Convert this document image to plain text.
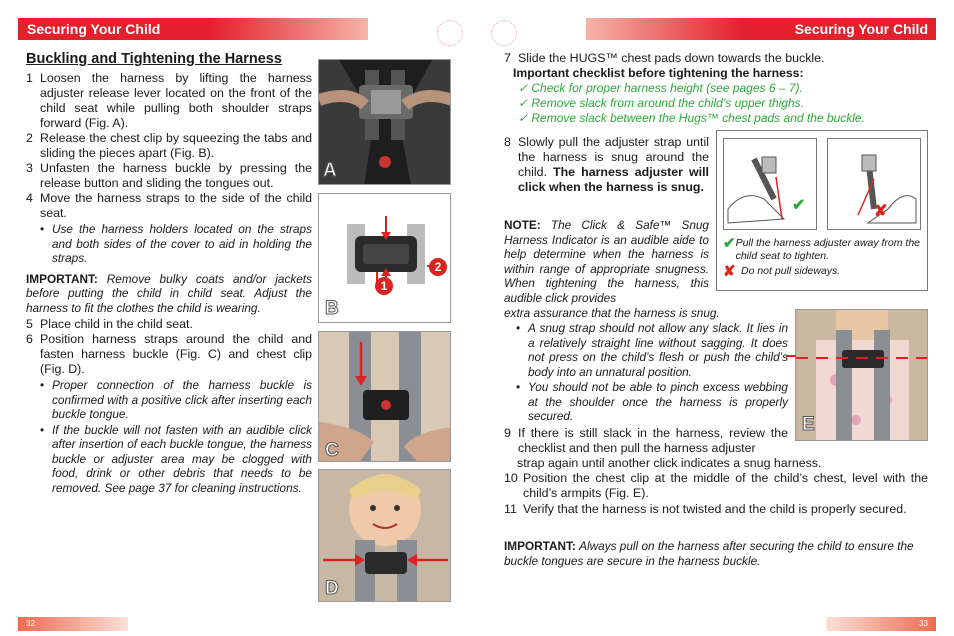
Securing Your Child	Securing Your Child
Buckling and Tightening the Harness
1 Loosen the harness by lifting the harness adjuster release lever located on the front of the child seat while pulling both shoulder straps forward (Fig. A).
2 Release the chest clip by squeezing the tabs and sliding the pieces apart (Fig. B).
3 Unfasten the harness buckle by pressing the release button and sliding the tongues out.
4 Move the harness straps to the side of the child seat.
• Use the harness holders located on the straps and both sides of the cover to aid in holding the straps.
IMPORTANT: Remove bulky coats and/or jackets before putting the child in child seat. Adjust the harness to fit the clothes the child is wearing.
5 Place child in the child seat.
6 Position harness straps around the child and fasten harness buckle (Fig. C) and chest clip (Fig. D).
• Proper connection of the harness buckle is confirmed with a positive click after inserting each buckle tongue.
• If the buckle will not fasten with an audible click after insertion of each buckle tongue, the harness buckle or adjuster area may be clogged with food, drink or other debris that needs to be removed. See page 37 for cleaning instructions.
A
1
2
B
C
D
7 Slide the HUGS™ chest pads down towards the buckle.
Important checklist before tightening the harness:
✓ Check for proper harness height (see pages 6 – 7).
✓ Remove slack from around the child’s upper thighs.
✓ Remove slack between the Hugs™ chest pads and the buckle.
8 Slowly pull the adjuster strap until the harness is snug around the child. The harness adjuster will click when the harness is snug.
NOTE: The Click & Safe™ Snug Harness Indicator is an audible aide to help determine when the harness is within range of appropriate snugness. When tightening the harness, this audible click provides
extra assurance that the harness is snug.
✔	✘
✔ Pull the harness adjuster away from the child seat to tighten.
✘ Do not pull sideways.
• A snug strap should not allow any slack. It lies in a relatively straight line without sagging. It does not press on the child’s flesh or push the child’s body into an unnatural position.
• You should not be able to pinch excess webbing at the shoulder once the harness is properly secured.	E
9 If there is still slack in the harness, review the checklist and then pull the harness adjuster
strap again until another click indicates a snug harness.
10 Position the chest clip at the middle of the child’s chest, level with the child’s armpits (Fig. E).
11 Verify that the harness is not twisted and the child is properly secured.
IMPORTANT: Always pull on the harness after securing the child to ensure the buckle tongues are secure in the harness buckle.
32	33
